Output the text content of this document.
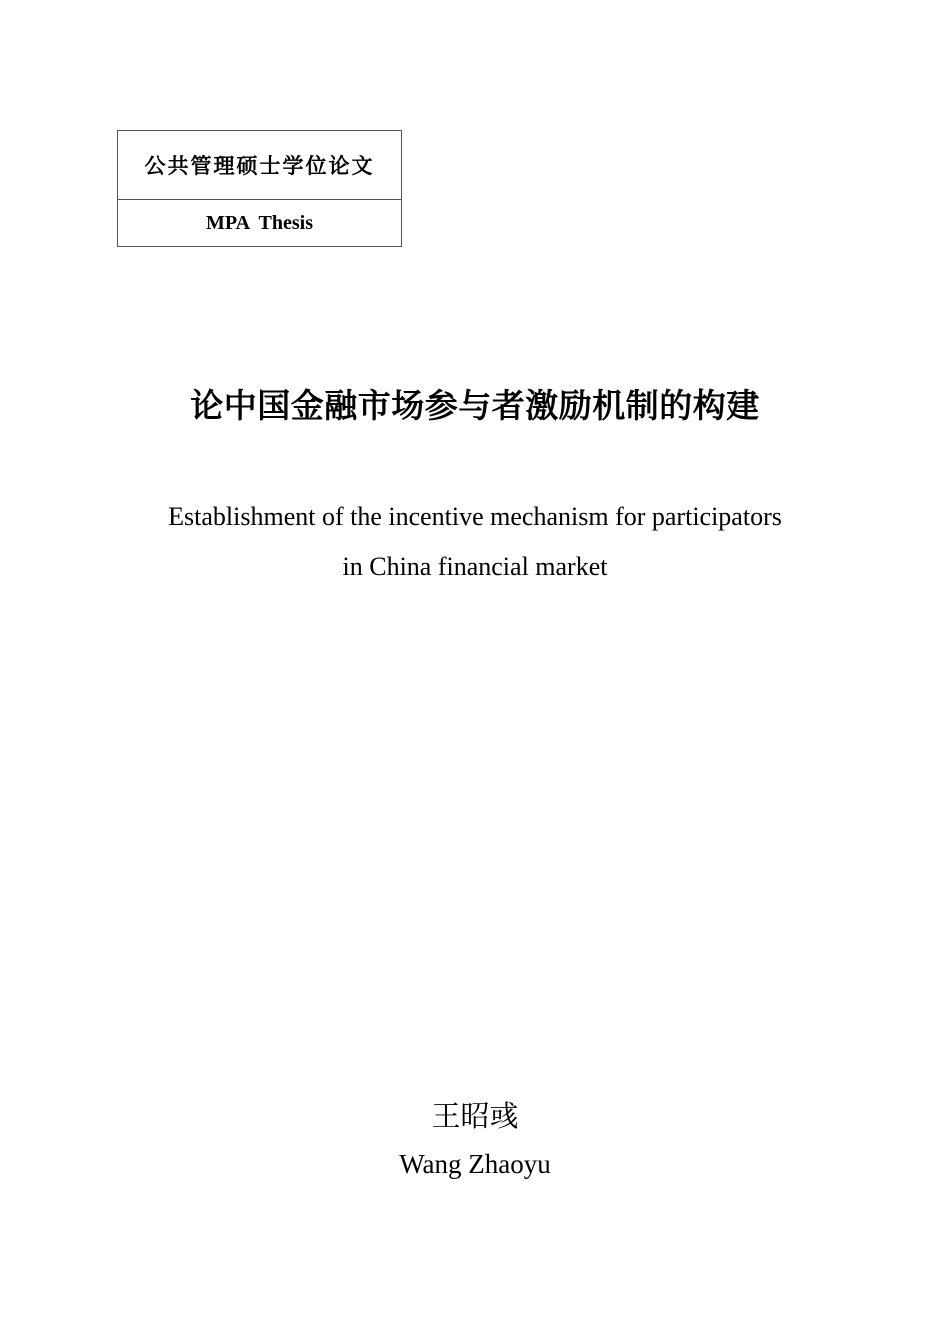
公共管理硕士学位论文
MPA  Thesis
论中国金融市场参与者激励机制的构建
Establishment of the incentive mechanism for participators
in China financial market
王昭彧
Wang Zhaoyu
